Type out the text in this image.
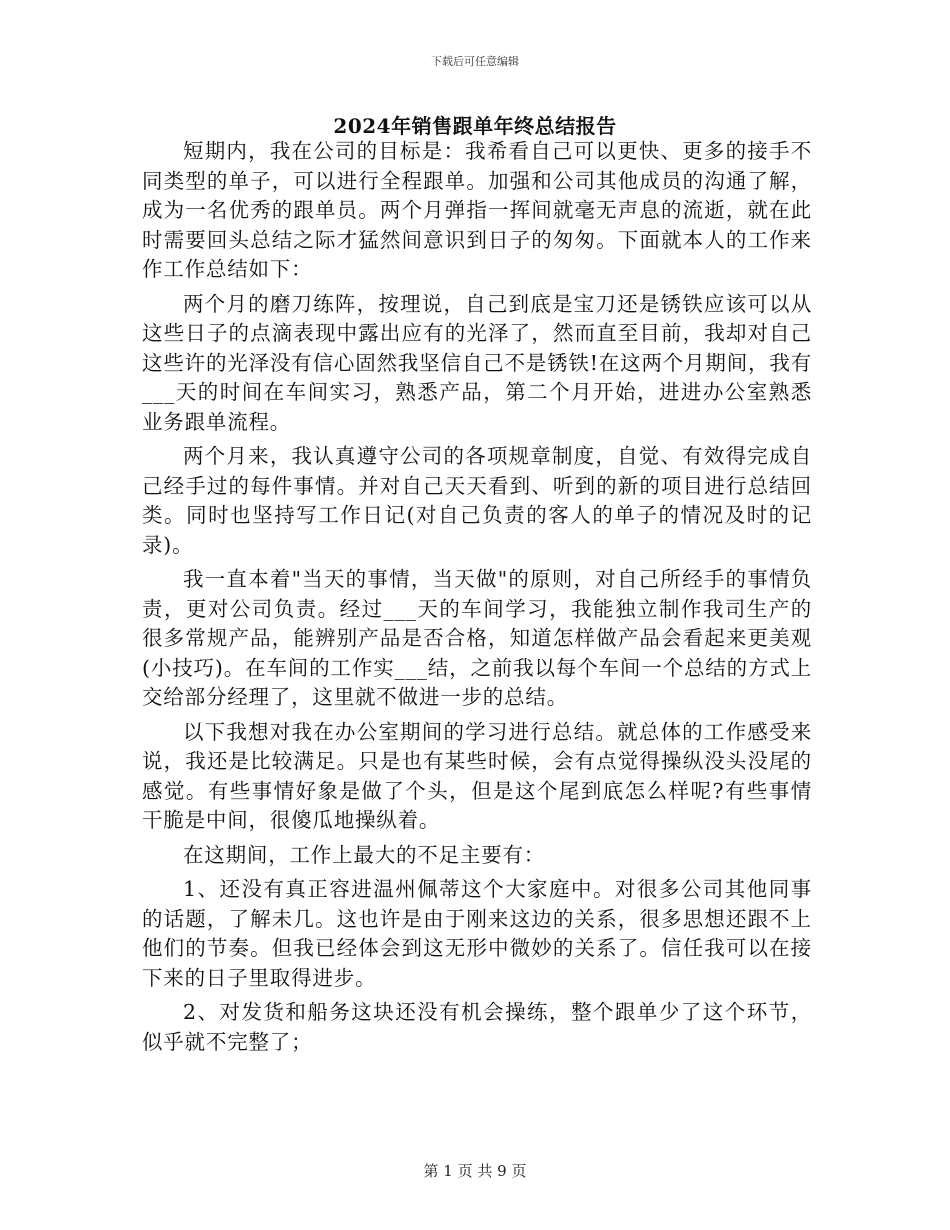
下载后可任意编辑
2024年销售跟单年终总结报告

短期内，我在公司的目标是：我希看自己可以更快、更多的接手不同类型的单子，可以进行全程跟单。加强和公司其他成员的沟通了解，成为一名优秀的跟单员。两个月弹指一挥间就毫无声息的流逝，就在此时需要回头总结之际才猛然间意识到日子的匆匆。下面就本人的工作来作工作总结如下：

两个月的磨刀练阵，按理说，自己到底是宝刀还是锈铁应该可以从这些日子的点滴表现中露出应有的光泽了，然而直至目前，我却对自己这些许的光泽没有信心固然我坚信自己不是锈铁!在这两个月期间，我有___天的时间在车间实习，熟悉产品，第二个月开始，进进办公室熟悉业务跟单流程。

两个月来，我认真遵守公司的各项规章制度，自觉、有效得完成自己经手过的每件事情。并对自己天天看到、听到的新的项目进行总结回类。同时也坚持写工作日记(对自己负责的客人的单子的情况及时的记录)。

我一直本着"当天的事情，当天做"的原则，对自己所经手的事情负责，更对公司负责。经过___天的车间学习，我能独立制作我司生产的很多常规产品，能辨别产品是否合格，知道怎样做产品会看起来更美观(小技巧)。在车间的工作实___结，之前我以每个车间一个总结的方式上交给部分经理了，这里就不做进一步的总结。

以下我想对我在办公室期间的学习进行总结。就总体的工作感受来说，我还是比较满足。只是也有某些时候，会有点觉得操纵没头没尾的感觉。有些事情好象是做了个头，但是这个尾到底怎么样呢?有些事情干脆是中间，很傻瓜地操纵着。

在这期间，工作上最大的不足主要有：

1、还没有真正容进温州佩蒂这个大家庭中。对很多公司其他同事的话题，了解未几。这也许是由于刚来这边的关系，很多思想还跟不上他们的节奏。但我已经体会到这无形中微妙的关系了。信任我可以在接下来的日子里取得进步。

2、对发货和船务这块还没有机会操练，整个跟单少了这个环节，似乎就不完整了；

第 1 页 共 9 页
